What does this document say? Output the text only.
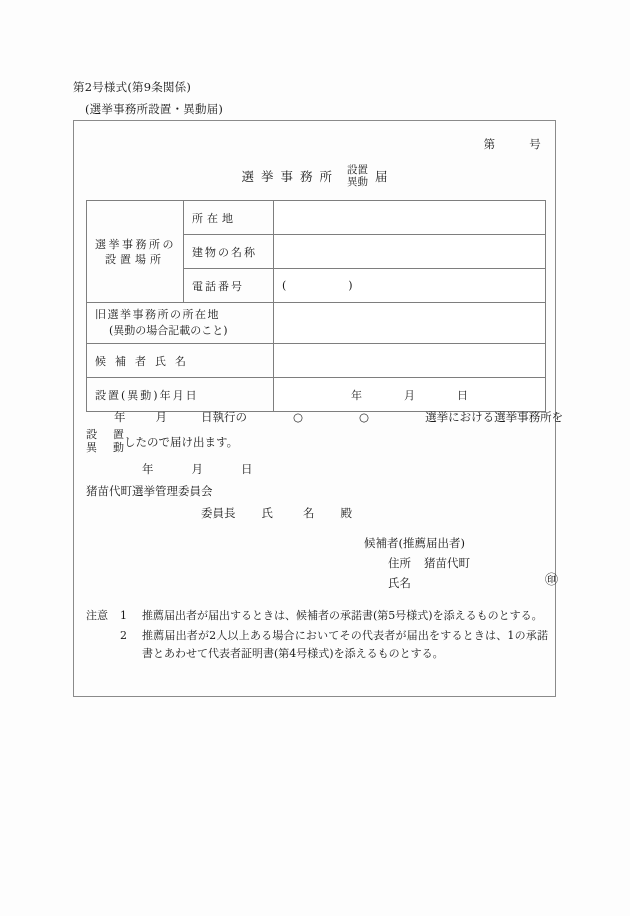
第2号様式(第9条関係)
(選挙事務所設置・異動届)
第	号
選挙事務所 設置
異動 届
選挙事務所の
設置場所	所在地	
	建物の名称	
	電話番号	( )

旧選挙事務所の所在地
(異動の場合記載のこと)		

候補者氏名		
設置(異動)年月日		年 月 日
年	月	日執行の	○	○	選挙における選挙事務所を
設
異
置
動 したので届け出ます。
年	月	日
猪苗代町選挙管理委員会
委員長 氏	名 殿
候補者(推薦届出者)
住所 猪苗代町
氏名	㊞
注意	1	推薦届出者が届出するときは、候補者の承諾書(第5号様式)を添えるものとする。
2	推薦届出者が2人以上ある場合においてその代表者が届出をするときは、1の承諾書とあわせて代表者証明書(第4号様式)を添えるものとする。
